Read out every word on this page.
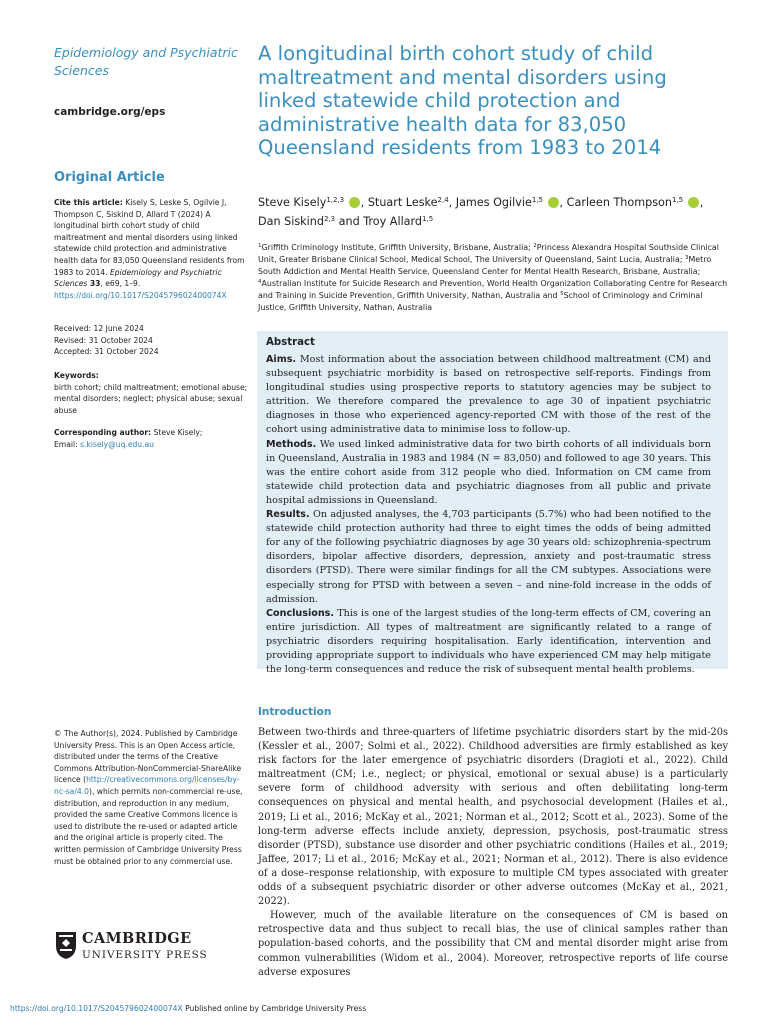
Epidemiology and Psychiatric Sciences
cambridge.org/eps
Original Article
Cite this article: Kisely S, Leske S, Ogilvie J, Thompson C, Siskind D, Allard T (2024) A longitudinal birth cohort study of child maltreatment and mental disorders using linked statewide child protection and administrative health data for 83,050 Queensland residents from 1983 to 2014. Epidemiology and Psychiatric Sciences 33, e69, 1–9. https://doi.org/10.1017/S204579602400074X
Received: 12 June 2024
Revised: 31 October 2024
Accepted: 31 October 2024
Keywords:
birth cohort; child maltreatment; emotional abuse; mental disorders; neglect; physical abuse; sexual abuse
Corresponding author: Steve Kisely;
Email: s.kisely@uq.edu.au
A longitudinal birth cohort study of child maltreatment and mental disorders using linked statewide child protection and administrative health data for 83,050 Queensland residents from 1983 to 2014
Steve Kisely$^{1,2,3}$ , Stuart Leske$^{2,4}$, James Ogilvie$^{1,5}$ , Carleen Thompson$^{1,5}$ ,
Dan Siskind$^{2,3}$ and Troy Allard$^{1,5}$
$^1$Griffith Criminology Institute, Griffith University, Brisbane, Australia; $^2$Princess Alexandra Hospital Southside Clinical Unit, Greater Brisbane Clinical School, Medical School, The University of Queensland, Saint Lucia, Australia; $^3$Metro South Addiction and Mental Health Service, Queensland Center for Mental Health Research, Brisbane, Australia; $^4$Australian Institute for Suicide Research and Prevention, World Health Organization Collaborating Centre for Research and Training in Suicide Prevention, Griffith University, Nathan, Australia and $^5$School of Criminology and Criminal Justice, Griffith University, Nathan, Australia
Abstract

Aims. Most information about the association between childhood maltreatment (CM) and subsequent psychiatric morbidity is based on retrospective self-reports. Findings from longitudinal studies using prospective reports to statutory agencies may be subject to attrition. We therefore compared the prevalence to age 30 of inpatient psychiatric diagnoses in those who experienced agency-reported CM with those of the rest of the cohort using administrative data to minimise loss to follow-up.

Methods. We used linked administrative data for two birth cohorts of all individuals born in Queensland, Australia in 1983 and 1984 (N = 83,050) and followed to age 30 years. This was the entire cohort aside from 312 people who died. Information on CM came from statewide child protection data and psychiatric diagnoses from all public and private hospital admissions in Queensland.

Results. On adjusted analyses, the 4,703 participants (5.7%) who had been notified to the statewide child protection authority had three to eight times the odds of being admitted for any of the following psychiatric diagnoses by age 30 years old: schizophrenia-spectrum disorders, bipolar affective disorders, depression, anxiety and post-traumatic stress disorders (PTSD). There were similar findings for all the CM subtypes. Associations were especially strong for PTSD with between a seven – and nine-fold increase in the odds of admission.

Conclusions. This is one of the largest studies of the long-term effects of CM, covering an entire jurisdiction. All types of maltreatment are significantly related to a range of psychiatric disorders requiring hospitalisation. Early identification, intervention and providing appropriate support to individuals who have experienced CM may help mitigate the long-term consequences and reduce the risk of subsequent mental health problems.

Introduction

Between two-thirds and three-quarters of lifetime psychiatric disorders start by the mid-20s (Kessler et al., 2007; Solmi et al., 2022). Childhood adversities are firmly established as key risk factors for the later emergence of psychiatric disorders (Dragioti et al., 2022). Child maltreatment (CM; i.e., neglect; or physical, emotional or sexual abuse) is a particularly severe form of childhood adversity with serious and often debilitating long-term consequences on physical and mental health, and psychosocial development (Hailes et al., 2019; Li et al., 2016; McKay et al., 2021; Norman et al., 2012; Scott et al., 2023). Some of the long-term adverse effects include anxiety, depression, psychosis, post-traumatic stress disorder (PTSD), substance use disorder and other psychiatric conditions (Hailes et al., 2019; Jaffee, 2017; Li et al., 2016; McKay et al., 2021; Norman et al., 2012). There is also evidence of a dose–response relationship, with exposure to multiple CM types associated with greater odds of a subsequent psychiatric disorder or other adverse outcomes (McKay et al., 2021, 2022).

However, much of the available literature on the consequences of CM is based on retrospective data and thus subject to recall bias, the use of clinical samples rather than population-based cohorts, and the possibility that CM and mental disorder might arise from common vulnerabilities (Widom et al., 2004). Moreover, retrospective reports of life course adverse exposures

© The Author(s), 2024. Published by Cambridge University Press. This is an Open Access article, distributed under the terms of the Creative Commons Attribution-NonCommercial-ShareAlike licence (http://creativecommons.org/licenses/by-nc-sa/4.0), which permits non-commercial re-use, distribution, and reproduction in any medium, provided the same Creative Commons licence is used to distribute the re-used or adapted article and the original article is properly cited. The written permission of Cambridge University Press must be obtained prior to any commercial use.
CAMBRIDGE
UNIVERSITY PRESS
https://doi.org/10.1017/S204579602400074X Published online by Cambridge University Press
